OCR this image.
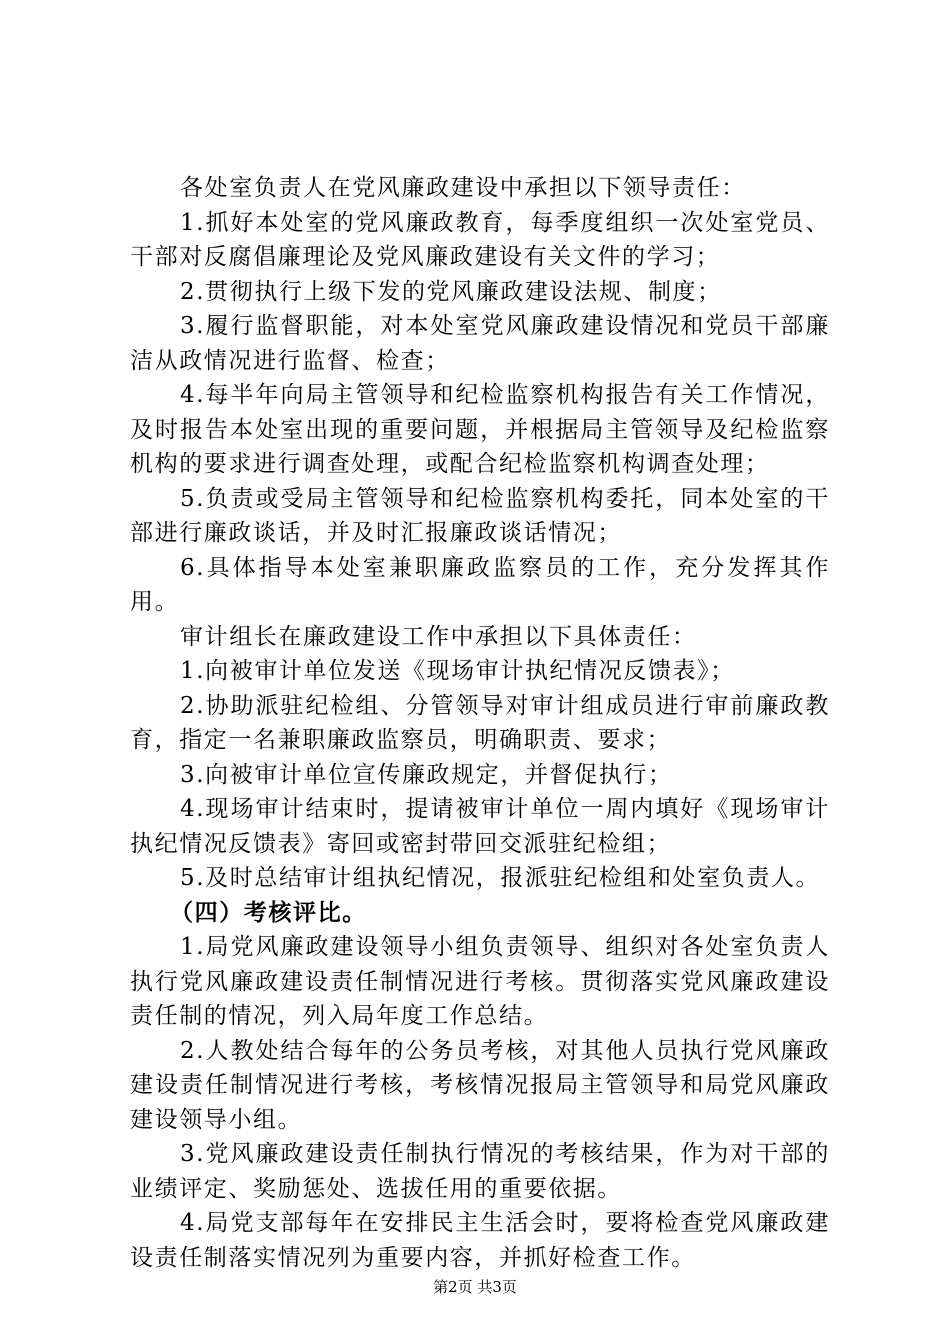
各处室负责人在党风廉政建设中承担以下领导责任：

1.抓好本处室的党风廉政教育，每季度组织一次处室党员、干部对反腐倡廉理论及党风廉政建设有关文件的学习；

2.贯彻执行上级下发的党风廉政建设法规、制度；

3.履行监督职能，对本处室党风廉政建设情况和党员干部廉洁从政情况进行监督、检查；

4.每半年向局主管领导和纪检监察机构报告有关工作情况，及时报告本处室出现的重要问题，并根据局主管领导及纪检监察机构的要求进行调查处理，或配合纪检监察机构调查处理；

5.负责或受局主管领导和纪检监察机构委托，同本处室的干部进行廉政谈话，并及时汇报廉政谈话情况；

6.具体指导本处室兼职廉政监察员的工作，充分发挥其作用。

审计组长在廉政建设工作中承担以下具体责任：

1.向被审计单位发送《现场审计执纪情况反馈表》；

2.协助派驻纪检组、分管领导对审计组成员进行审前廉政教育，指定一名兼职廉政监察员，明确职责、要求；

3.向被审计单位宣传廉政规定，并督促执行；

4.现场审计结束时，提请被审计单位一周内填好《现场审计执纪情况反馈表》寄回或密封带回交派驻纪检组；

5.及时总结审计组执纪情况，报派驻纪检组和处室负责人。

（四）考核评比。

1.局党风廉政建设领导小组负责领导、组织对各处室负责人执行党风廉政建设责任制情况进行考核。贯彻落实党风廉政建设责任制的情况，列入局年度工作总结。

2.人教处结合每年的公务员考核，对其他人员执行党风廉政建设责任制情况进行考核，考核情况报局主管领导和局党风廉政建设领导小组。

3.党风廉政建设责任制执行情况的考核结果，作为对干部的业绩评定、奖励惩处、选拔任用的重要依据。

4.局党支部每年在安排民主生活会时，要将检查党风廉政建设责任制落实情况列为重要内容，并抓好检查工作。

第2页 共3页
